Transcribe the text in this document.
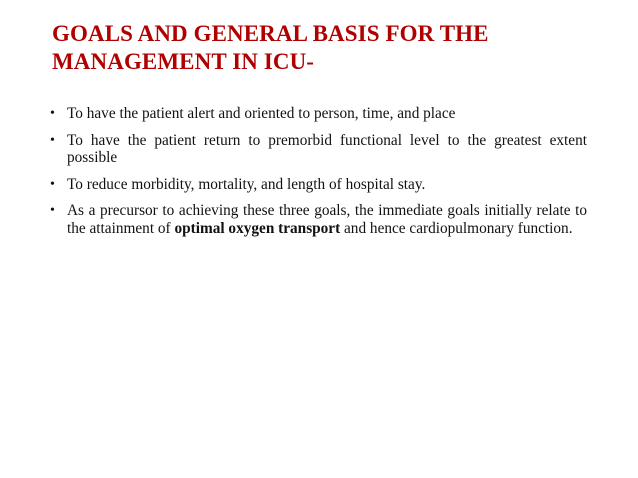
GOALS AND GENERAL BASIS FOR THE
MANAGEMENT IN ICU-
• To have the patient alert and oriented to person, time, and place
• To have the patient return to premorbid functional level to the greatest extent possible
• To reduce morbidity, mortality, and length of hospital stay.
• As a precursor to achieving these three goals, the immediate goals initially relate to the attainment of optimal oxygen transport and hence cardiopulmonary function.
